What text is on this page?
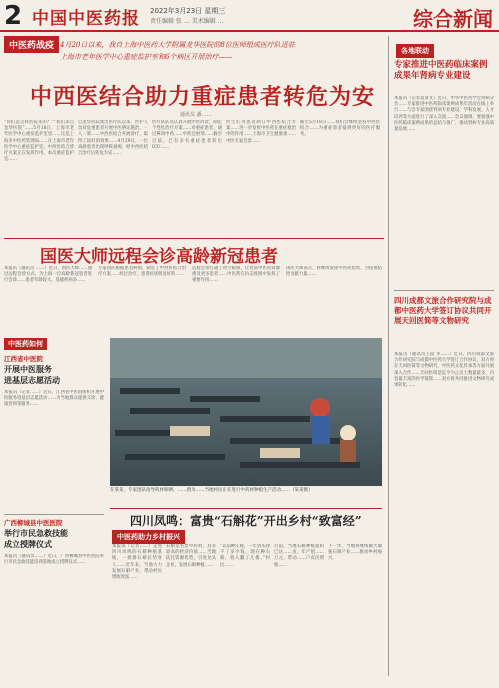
2 中国中医药报 2022年3月23日 星期三
责任编辑 张 … 美术编辑 …	综合新闻
中医药战疫 4月20日以来，我自上海中医药大学附属龙华医院的8位医师组成医疗队进驻
上海市老年医学中心重症监护室和6个病区开展治疗——
中西医结合助力重症患者转危为安
通讯员 潘……
“你们是怎样医院来的？”“我们来自龙华医院”……5月18日，上海市老年医学中心重症监护室里……这是上海市中医药管理局……在上海市老年医学中心重症监护室，中西医结合诊疗方案正在发挥作用。本次重症监护室……
自龙华医院派出医疗队以来，医护人员对危重患者开展中医辨证施治，一人一策……中西医结合开展诊疗，取得了较好的效果……4月29日，一位高龄患者出现呼吸衰竭，经中西医结合治疗后转危为安……
医疗队队员认真开展中医四诊，制定个性化治疗方案……对重症患者，通过鼻饲中药……中药注射剂……截至目前，已有多名重症患者转出ICU……
医生们为患者制订中西医结合方案……进一步发挥中医药在重症救治中的作用……上海市卫生健康委……中医专家会诊……
截至5月18日……我们会继续坚持中西医结合……为重症患者提供更好的医疗服务。
各地联动
专家推进中医药临床案例成果年肾病专业建设
本报讯（记者袁菁文）近日，中华中医药学会肾病分会……专家推进中医药临床案例成果年活动在线上举行……与会专家围绕肾病专业建设、学科发展、人才培养等方面进行了深入交流……会议强调，要加强中医药临床案例成果的总结与推广，推动肾病专业高质量发展……
四川成都文旅合作研究院与成都中医药大学签订协议共同开展天回医简等文物研究
本报讯（通讯员王雨 李……）近日，四川成都文旅合作研究院与成都中医药大学签订合作协议，双方将在天回医简等文物研究、中医药文化传承等方面开展深入合作……天回医简是迄今为止出土数量最多、内容最丰富的医学简牍……双方将共同推进文物研究成果转化……
国医大师远程会诊高龄新冠患者
本报讯（通讯员 ……）近日，国医大师……通过远程会诊方式，为上海一位高龄新冠患者进行会诊……患者年龄较大，基础疾病多……
专家团队根据患者病情，制定了中西医结合治疗方案……经过治疗，患者症状明显好转……
远程会诊打破了时空限制，让优质中医药资源惠及更多患者……中医药在抗击疫情中发挥了重要作用……
国医大师表示，将继续发挥中医药优势，为疫情防控贡献力量……
中医药如何
江西省中医院
开展中医服务
进基层志愿活动
本报讯（记者……）近日，江西省中医院组织开展中医服务进基层志愿活动……为当地群众提供义诊、健康咨询等服务……
广西柳城县中医医院
举行市民急救技能
成立授牌仪式
本报讯（通讯员……）近日，广西柳城县中医医院举行市民急救技能培训基地成立授牌仪式……
在某某，专家团队指导药材晾晒。……图为……当地村民正在进行中药材种植生产活动……（某某摄）
四川凤鸣：富贵“石斛花”开出乡村“致富经”
中医药助力乡村振兴
本报讯（记者……）走进四川凤鸣的石斛种植基地，一排排石斛长势喜人……近年来，当地大力发展石斛产业，带动村民增收致富……
石斛是名贵中药材，具有较高的经济价值……当地依托资源优势，引进龙头企业，发展石斛种植……
“以前种庄稼，一年到头挣不了多少钱，现在种石斛，收入翻了几番。”村民……
目前，当地石斛种植面积已达……亩，年产值……万元，带动……户农民增收……
下一步，当地将继续做大做强石斛产业……推动乡村振兴。
